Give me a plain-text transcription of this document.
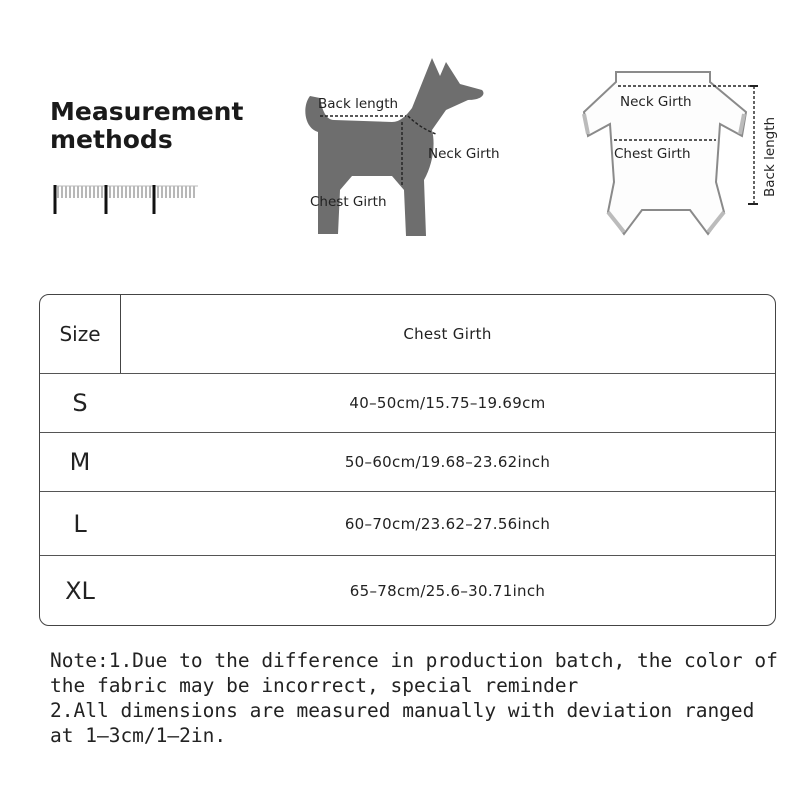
Measurement
methods
Back length
Neck Girth
Chest Girth
Neck Girth
Chest Girth	Back length
Size	Chest Girth
S	40–50cm/15.75–19.69cm
M	50–60cm/19.68–23.62inch
L	60–70cm/23.62–27.56inch
XL	65–78cm/25.6–30.71inch

Note:1.Due to the difference in production batch, the color of
the fabric may be incorrect, special reminder
2.All dimensions are measured manually with deviation ranged
at 1–3cm/1–2in.
